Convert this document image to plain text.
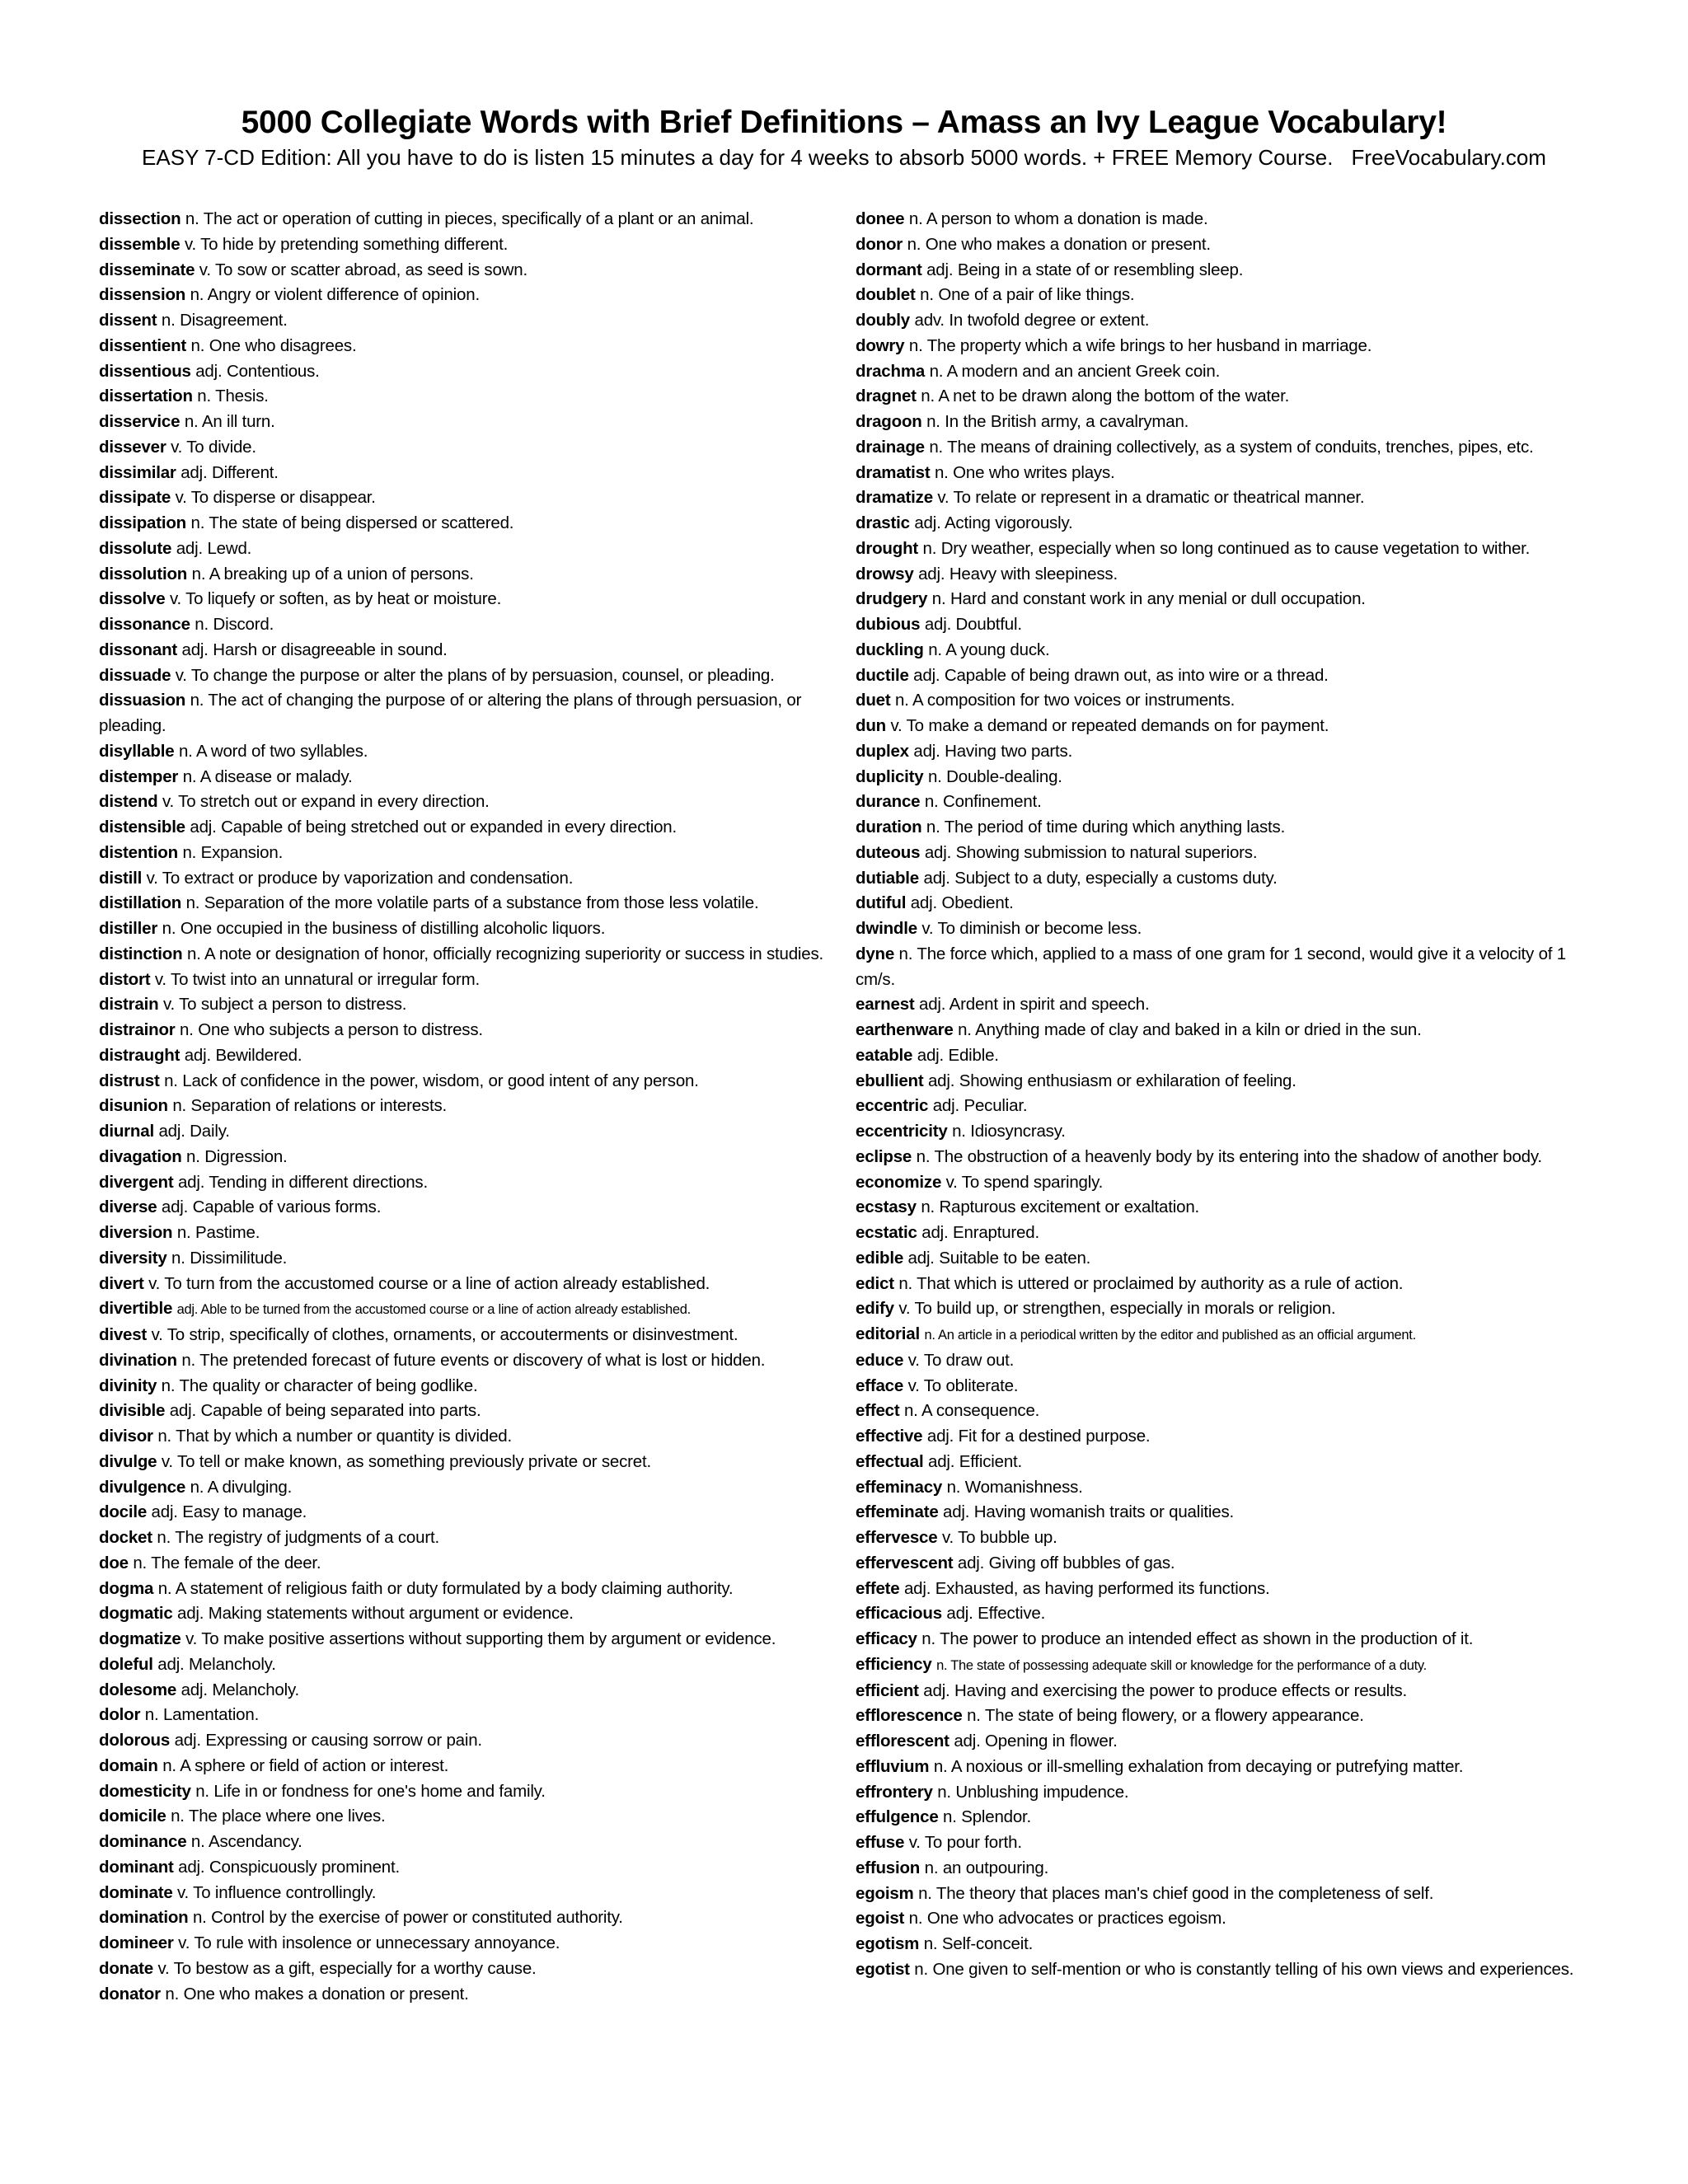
5000 Collegiate Words with Brief Definitions – Amass an Ivy League Vocabulary!
EASY 7-CD Edition: All you have to do is listen 15 minutes a day for 4 weeks to absorb 5000 words. + FREE Memory Course. FreeVocabulary.com
dissection n. The act or operation of cutting in pieces, specifically of a plant or an animal.
dissemble v. To hide by pretending something different.
disseminate v. To sow or scatter abroad, as seed is sown.
dissension n. Angry or violent difference of opinion.
dissent n. Disagreement.
dissentient n. One who disagrees.
dissentious adj. Contentious.
dissertation n. Thesis.
disservice n. An ill turn.
dissever v. To divide.
dissimilar adj. Different.
dissipate v. To disperse or disappear.
dissipation n. The state of being dispersed or scattered.
dissolute adj. Lewd.
dissolution n. A breaking up of a union of persons.
dissolve v. To liquefy or soften, as by heat or moisture.
dissonance n. Discord.
dissonant adj. Harsh or disagreeable in sound.
dissuade v. To change the purpose or alter the plans of by persuasion, counsel, or pleading.
dissuasion n. The act of changing the purpose of or altering the plans of through persuasion, or pleading.
disyllable n. A word of two syllables.
distemper n. A disease or malady.
distend v. To stretch out or expand in every direction.
distensible adj. Capable of being stretched out or expanded in every direction.
distention n. Expansion.
distill v. To extract or produce by vaporization and condensation.
distillation n. Separation of the more volatile parts of a substance from those less volatile.
distiller n. One occupied in the business of distilling alcoholic liquors.
distinction n. A note or designation of honor, officially recognizing superiority or success in studies.
distort v. To twist into an unnatural or irregular form.
distrain v. To subject a person to distress.
distrainor n. One who subjects a person to distress.
distraught adj. Bewildered.
distrust n. Lack of confidence in the power, wisdom, or good intent of any person.
disunion n. Separation of relations or interests.
diurnal adj. Daily.
divagation n. Digression.
divergent adj. Tending in different directions.
diverse adj. Capable of various forms.
diversion n. Pastime.
diversity n. Dissimilitude.
divert v. To turn from the accustomed course or a line of action already established.
divertible adj. Able to be turned from the accustomed course or a line of action already established.
divest v. To strip, specifically of clothes, ornaments, or accouterments or disinvestment.
divination n. The pretended forecast of future events or discovery of what is lost or hidden.
divinity n. The quality or character of being godlike.
divisible adj. Capable of being separated into parts.
divisor n. That by which a number or quantity is divided.
divulge v. To tell or make known, as something previously private or secret.
divulgence n. A divulging.
docile adj. Easy to manage.
docket n. The registry of judgments of a court.
doe n. The female of the deer.
dogma n. A statement of religious faith or duty formulated by a body claiming authority.
dogmatic adj. Making statements without argument or evidence.
dogmatize v. To make positive assertions without supporting them by argument or evidence.
doleful adj. Melancholy.
dolesome adj. Melancholy.
dolor n. Lamentation.
dolorous adj. Expressing or causing sorrow or pain.
domain n. A sphere or field of action or interest.
domesticity n. Life in or fondness for one's home and family.
domicile n. The place where one lives.
dominance n. Ascendancy.
dominant adj. Conspicuously prominent.
dominate v. To influence controllingly.
domination n. Control by the exercise of power or constituted authority.
domineer v. To rule with insolence or unnecessary annoyance.
donate v. To bestow as a gift, especially for a worthy cause.
donator n. One who makes a donation or present.
donee n. A person to whom a donation is made.
donor n. One who makes a donation or present.
dormant adj. Being in a state of or resembling sleep.
doublet n. One of a pair of like things.
doubly adv. In twofold degree or extent.
dowry n. The property which a wife brings to her husband in marriage.
drachma n. A modern and an ancient Greek coin.
dragnet n. A net to be drawn along the bottom of the water.
dragoon n. In the British army, a cavalryman.
drainage n. The means of draining collectively, as a system of conduits, trenches, pipes, etc.
dramatist n. One who writes plays.
dramatize v. To relate or represent in a dramatic or theatrical manner.
drastic adj. Acting vigorously.
drought n. Dry weather, especially when so long continued as to cause vegetation to wither.
drowsy adj. Heavy with sleepiness.
drudgery n. Hard and constant work in any menial or dull occupation.
dubious adj. Doubtful.
duckling n. A young duck.
ductile adj. Capable of being drawn out, as into wire or a thread.
duet n. A composition for two voices or instruments.
dun v. To make a demand or repeated demands on for payment.
duplex adj. Having two parts.
duplicity n. Double-dealing.
durance n. Confinement.
duration n. The period of time during which anything lasts.
duteous adj. Showing submission to natural superiors.
dutiable adj. Subject to a duty, especially a customs duty.
dutiful adj. Obedient.
dwindle v. To diminish or become less.
dyne n. The force which, applied to a mass of one gram for 1 second, would give it a velocity of 1 cm/s.
earnest adj. Ardent in spirit and speech.
earthenware n. Anything made of clay and baked in a kiln or dried in the sun.
eatable adj. Edible.
ebullient adj. Showing enthusiasm or exhilaration of feeling.
eccentric adj. Peculiar.
eccentricity n. Idiosyncrasy.
eclipse n. The obstruction of a heavenly body by its entering into the shadow of another body.
economize v. To spend sparingly.
ecstasy n. Rapturous excitement or exaltation.
ecstatic adj. Enraptured.
edible adj. Suitable to be eaten.
edict n. That which is uttered or proclaimed by authority as a rule of action.
edify v. To build up, or strengthen, especially in morals or religion.
editorial n. An article in a periodical written by the editor and published as an official argument.
educe v. To draw out.
efface v. To obliterate.
effect n. A consequence.
effective adj. Fit for a destined purpose.
effectual adj. Efficient.
effeminacy n. Womanishness.
effeminate adj. Having womanish traits or qualities.
effervesce v. To bubble up.
effervescent adj. Giving off bubbles of gas.
effete adj. Exhausted, as having performed its functions.
efficacious adj. Effective.
efficacy n. The power to produce an intended effect as shown in the production of it.
efficiency n. The state of possessing adequate skill or knowledge for the performance of a duty.
efficient adj. Having and exercising the power to produce effects or results.
efflorescence n. The state of being flowery, or a flowery appearance.
efflorescent adj. Opening in flower.
effluvium n. A noxious or ill-smelling exhalation from decaying or putrefying matter.
effrontery n. Unblushing impudence.
effulgence n. Splendor.
effuse v. To pour forth.
effusion n. an outpouring.
egoism n. The theory that places man's chief good in the completeness of self.
egoist n. One who advocates or practices egoism.
egotism n. Self-conceit.
egotist n. One given to self-mention or who is constantly telling of his own views and experiences.
